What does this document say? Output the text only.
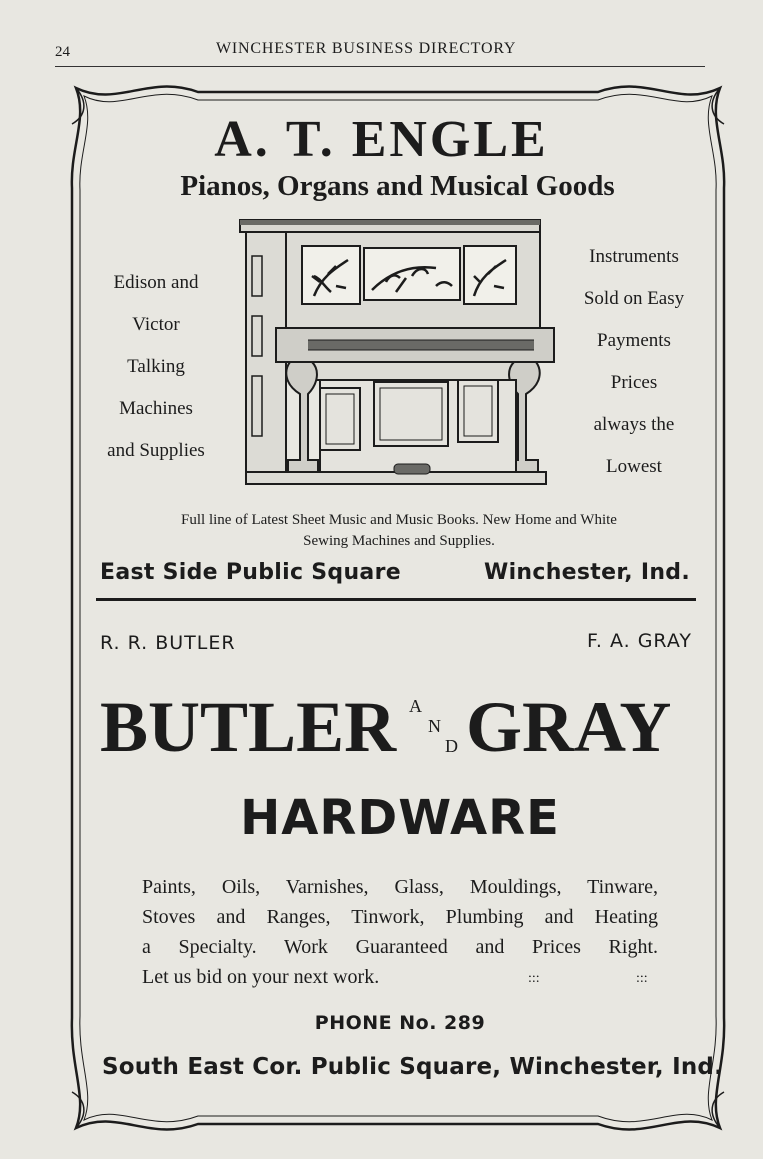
24	WINCHESTER BUSINESS DIRECTORY
A. T. ENGLE
Pianos, Organs and Musical Goods
Edison and
Victor
Talking
Machines
and Supplies
Instruments
Sold on Easy
Payments
Prices
always the
Lowest
Full line of Latest Sheet Music and Music Books. New Home and White
Sewing Machines and Supplies.
East Side Public Square	Winchester, Ind.
R. R. BUTLER	F. A. GRAY
BUTLER A
N
D GRAY
HARDWARE
Paints, Oils, Varnishes, Glass, Mouldings, Tinware,
Stoves and Ranges, Tinwork, Plumbing and Heating
a Specialty. Work Guaranteed and Prices Right.
Let us bid on your next work.	:::	:::
PHONE No. 289
South East Cor. Public Square, Winchester, Ind.
